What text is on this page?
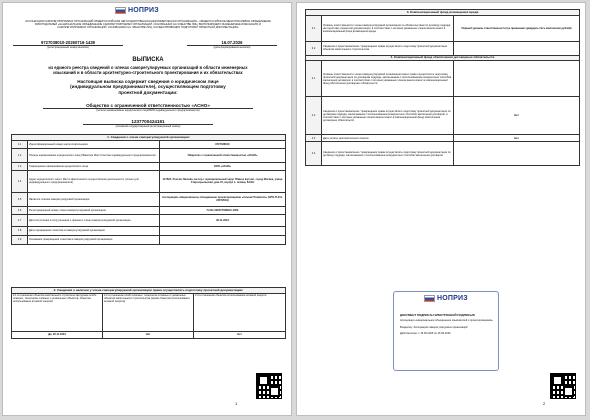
НОПРИЗ
АССОЦИАЦИЯ САМОРЕГУЛИРУЕМЫХ ОРГАНИЗАЦИЙ ОБЩЕРОССИЙСКАЯ НЕГОСУДАРСТВЕННАЯ НЕКОММЕРЧЕСКАЯ ОРГАНИЗАЦИЯ – ОБЩЕРОССИЙСКОЕ МЕЖОТРАСЛЕВОЕ ОБЪЕДИНЕНИЕ
РАБОТОДАТЕЛЕЙ «НАЦИОНАЛЬНОЕ ОБЪЕДИНЕНИЕ САМОРЕГУЛИРУЕМЫХ ОРГАНИЗАЦИЙ, ОСНОВАННЫХ НА ЧЛЕНСТВЕ ЛИЦ, ВЫПОЛНЯЮЩИХ ИНЖЕНЕРНЫЕ ИЗЫСКАНИЯ, И
САМОРЕГУЛИРУЕМЫХ ОРГАНИЗАЦИЙ, ОСНОВАННЫХ НА ЧЛЕНСТВЕ ЛИЦ, ОСУЩЕСТВЛЯЮЩИХ ПОДГОТОВКУ ПРОЕКТНОЙ ДОКУМЕНТАЦИИ»
9727038010-20260716-1439
(регистрационный номер выписки)
16.07.2026
(дата формирования выписки)
ВЫПИСКА
из единого реестра сведений о членах саморегулируемых организаций в области инженерных
изысканий и в области архитектурно-строительного проектирования и их обязательствах
Настоящая выписка содержит сведения о юридическом лице
(индивидуальном предпринимателе), осуществляющем подготовку
проектной документации:
Общество с ограниченной ответственностью «АСНО»
(полное наименование юридического лица/ФИО индивидуального предпринимателя)
1237700424191
(основной государственный регистрационный номер)
1. Сведения о члене саморегулируемой организации:		
1.1	Идентификационный номер налогоплательщика	9727038010
1.2	Полное наименование юридического лица (Фамилия Имя Отчество индивидуального предпринимателя)	Общество с ограниченной ответственностью «АСНО»
1.3	Сокращенное наименование юридического лица	ООО «АСНО»
1.4	Адрес юридического лица / Место фактического осуществления деятельности (только для индивидуального предпринимателя)	117624, Россия, Москва, вн.тер.г. муниципальный округ Южное Бутово, город Москва, улица Староорыльская, дом 15, корпус 1, помещ. 6А/1Н
1.5	Является членом саморегулируемой организации	Ассоциация «Национальное объединение проектировщиков «Альянс Развития» (СРО-П-211-23072019)
1.6	Регистрационный номер члена саморегулируемой организации	П-211-009727038010-1003
1.7	Дата вступления в силу решения о приеме в члены саморегулируемой организации	26.11.2024
1.8	Дата прекращения членства в саморегулируемой организации	
1.9	Основания прекращения членства в саморегулируемой организации	
2. Сведения о наличии у члена саморегулируемой организации права осуществлять подготовку проектной документации:		
2.1 в отношении объектов капитального строительства (кроме особо опасных, технически сложных и уникальных объектов, объектов использования атомной энергии)	2.2 в отношении особо опасных, технически сложных и уникальных объектов капитального строительства (кроме объектов использования атомной энергии)	2.3 в отношении объектов использования атомной энергии
Да, 26.11.2024	Нет	Нет
1
3. Компенсационный фонд возмещения вреда		
3.1	Уровень ответственности члена саморегулируемой организации по обязательствам по договору подряда на подготовку проектной документации, в соответствии с которым указанным членом внесен взнос в компенсационный фонд возмещения вреда	Первый уровень ответственности (не превышает двадцать пять миллионов рублей)
3.2	Сведения о приостановлении / прекращении права осуществлять подготовку проектной документации объектов капитального строительства	
4. Компенсационный фонд обеспечения договорных обязательств		
4.1	Уровень ответственности члена саморегулируемой организации имеет право осуществлять подготовку проектной документации по договорам подряда, заключаемым с использованием конкурентных способов заключения договоров, в соответствии с которым указанным членом внесен взнос в компенсационный фонд обеспечения договорных обязательств	
4.2	Сведения о приостановлении / прекращении права осуществлять подготовку проектной документации по договорам подряда, заключаемым с использованием конкурентных способов заключения договоров, в соответствии с которым указанным членом внесен взнос в компенсационный фонд обеспечения договорных обязательств	Нет
4.3	Дата уплаты дополнительного взноса	Нет
4.4	Сведения о приостановлении / прекращении права осуществлять подготовку проектной документации по договору подряда, заключаемым с использованием конкурентных способов заключения договоров	
НОПРИЗ
ДОКУМЕНТ ПОДПИСАН ЭЛЕКТРОННОЙ ПОДПИСЬЮ
Ассоциация «Национальное объединение изыскателей и проектировщиков»
Владелец: Ассоциация саморегулируемых организаций
Действителен: с 16.06.2025 по 16.09.2026
2
